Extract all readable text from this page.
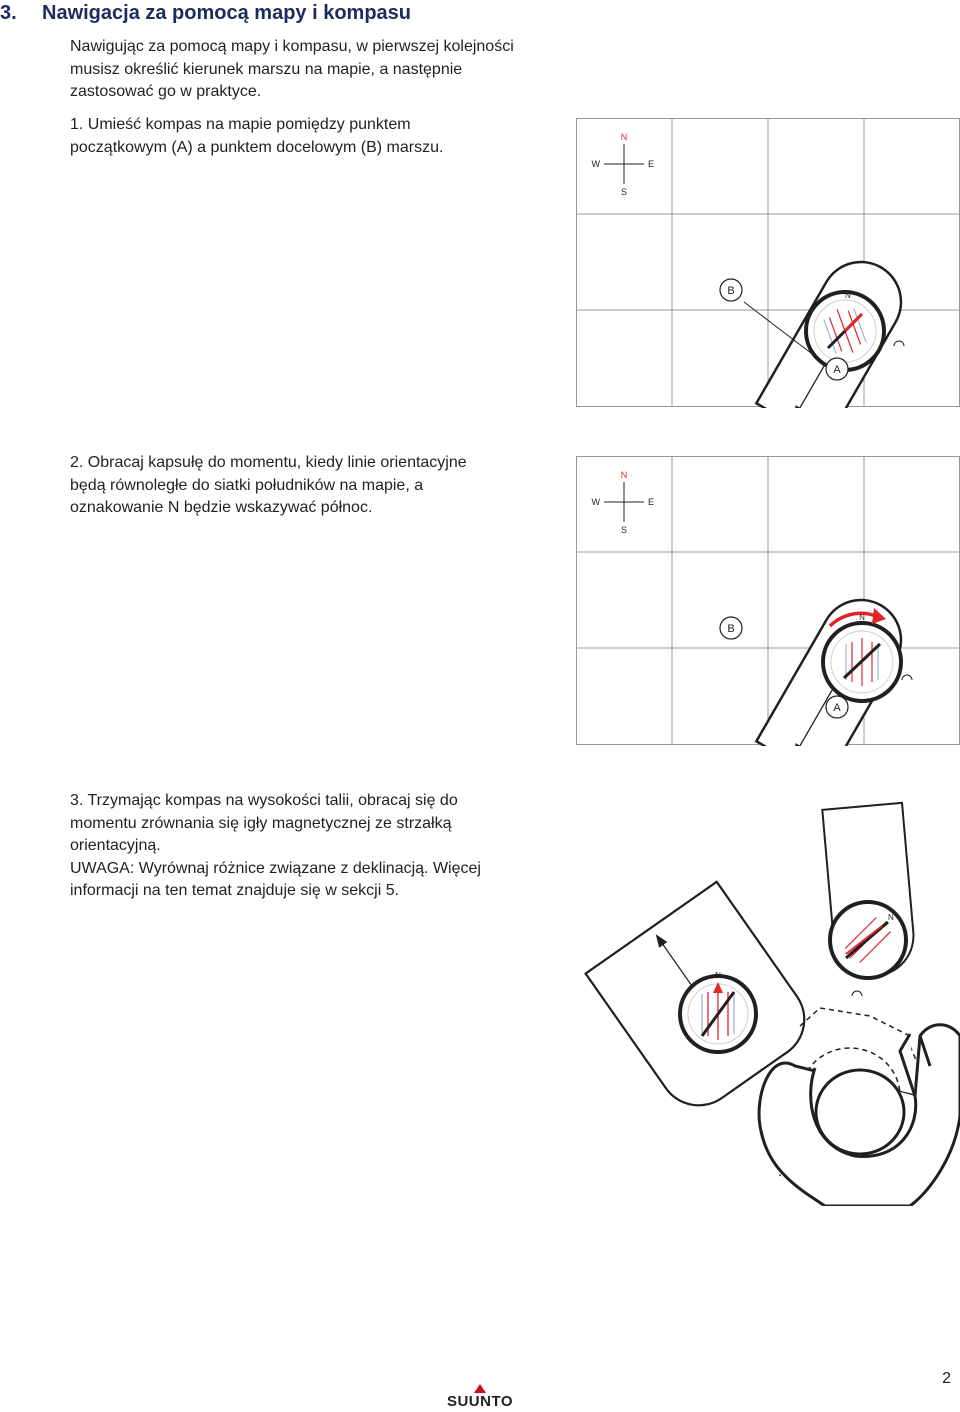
3. Nawigacja za pomocą mapy i kompasu
Nawigując za pomocą mapy i kompasu, w pierwszej kolejności
musisz określić kierunek marszu na mapie, a następnie
zastosować go w praktyce.
1. Umieść kompas na mapie pomiędzy punktem
początkowym (A) a punktem docelowym (B) marszu.
2. Obracaj kapsułę do momentu, kiedy linie orientacyjne
będą równoległe do siatki południków na mapie, a
oznakowanie N będzie wskazywać północ.
3. Trzymając kompas na wysokości talii, obracaj się do
momentu zrównania się igły magnetycznej ze strzałką
orientacyjną.
UWAGA: Wyrównaj różnice związane z deklinacją. Więcej
informacji na ten temat znajduje się w sekcji 5.
N
S
E
W
N
B
A
N
S
E
W
N
B
A
N
N
2
SUUNTO
